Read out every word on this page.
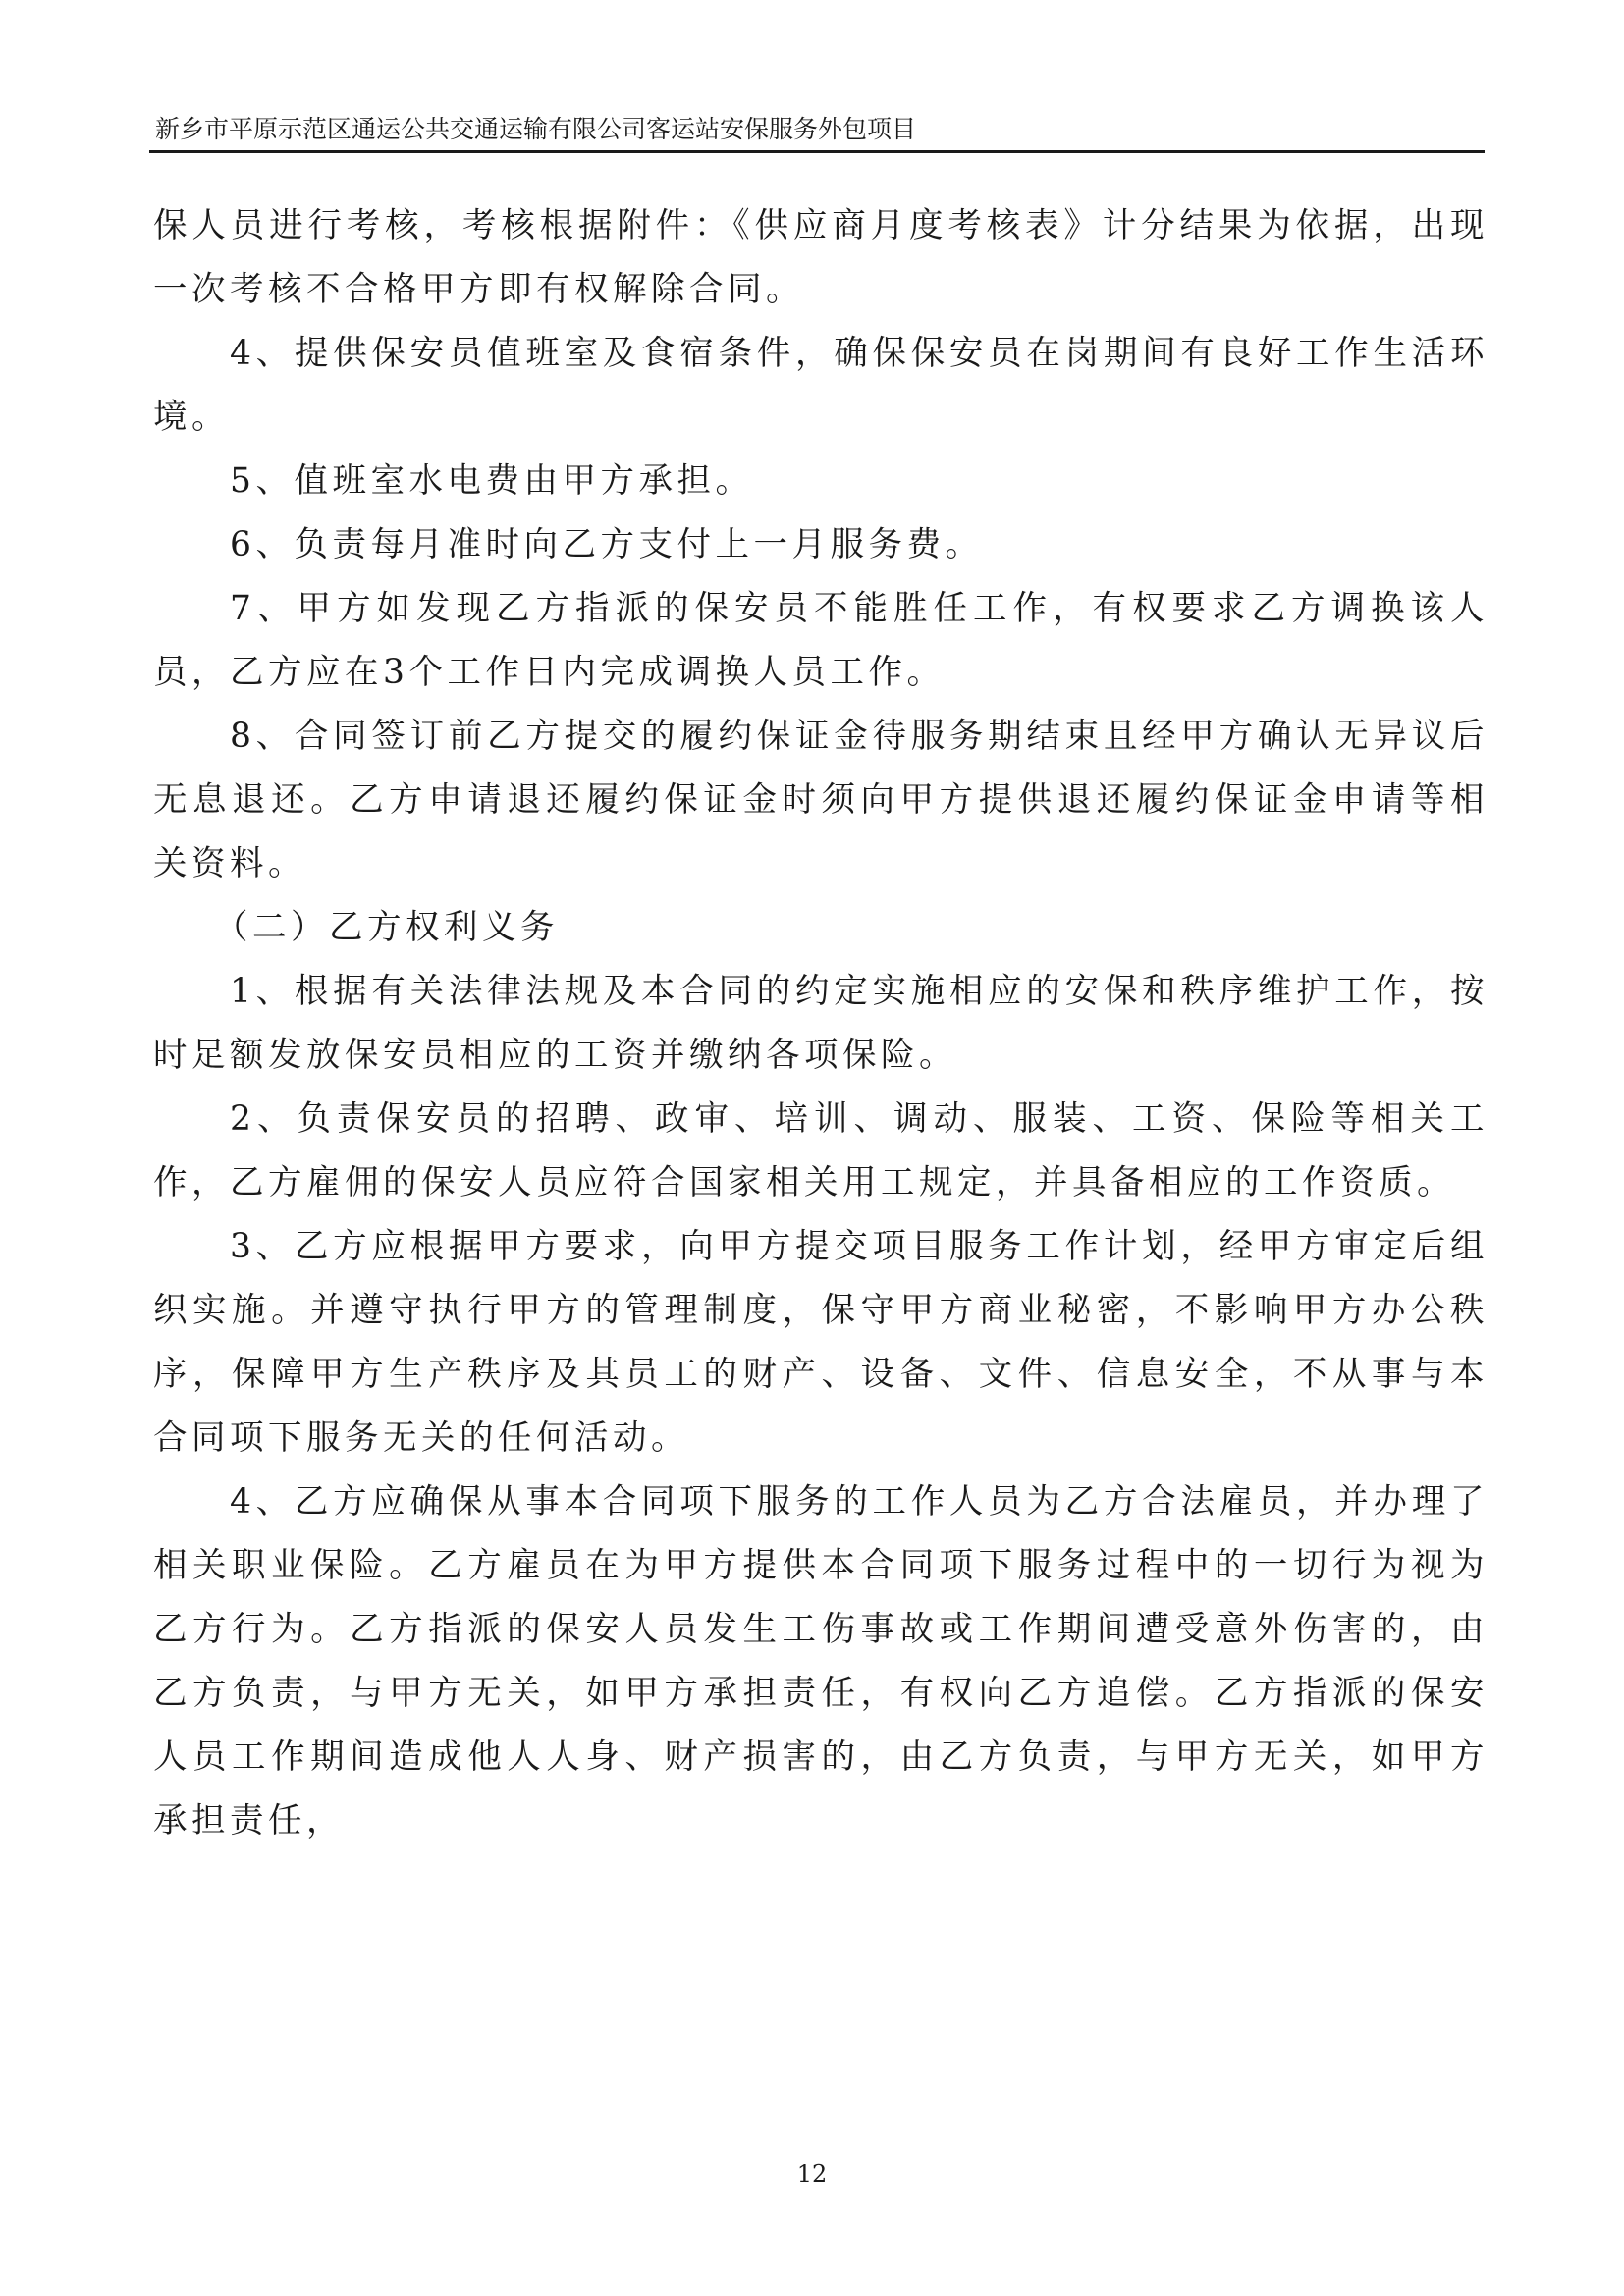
新乡市平原示范区通运公共交通运输有限公司客运站安保服务外包项目

保人员进行考核，考核根据附件：《供应商月度考核表》计分结果为依据，出现一次考核不合格甲方即有权解除合同。

4、提供保安员值班室及食宿条件，确保保安员在岗期间有良好工作生活环境。

5、值班室水电费由甲方承担。

6、负责每月准时向乙方支付上一月服务费。

7、甲方如发现乙方指派的保安员不能胜任工作，有权要求乙方调换该人员，乙方应在3个工作日内完成调换人员工作。

8、合同签订前乙方提交的履约保证金待服务期结束且经甲方确认无异议后无息退还。乙方申请退还履约保证金时须向甲方提供退还履约保证金申请等相关资料。

（二）乙方权利义务

1、根据有关法律法规及本合同的约定实施相应的安保和秩序维护工作，按时足额发放保安员相应的工资并缴纳各项保险。

2、负责保安员的招聘、政审、培训、调动、服装、工资、保险等相关工作，乙方雇佣的保安人员应符合国家相关用工规定，并具备相应的工作资质。

3、乙方应根据甲方要求，向甲方提交项目服务工作计划，经甲方审定后组织实施。并遵守执行甲方的管理制度，保守甲方商业秘密，不影响甲方办公秩序，保障甲方生产秩序及其员工的财产、设备、文件、信息安全，不从事与本合同项下服务无关的任何活动。

4、乙方应确保从事本合同项下服务的工作人员为乙方合法雇员，并办理了相关职业保险。乙方雇员在为甲方提供本合同项下服务过程中的一切行为视为乙方行为。乙方指派的保安人员发生工伤事故或工作期间遭受意外伤害的，由乙方负责，与甲方无关，如甲方承担责任，有权向乙方追偿。乙方指派的保安人员工作期间造成他人人身、财产损害的，由乙方负责，与甲方无关，如甲方承担责任，

12
